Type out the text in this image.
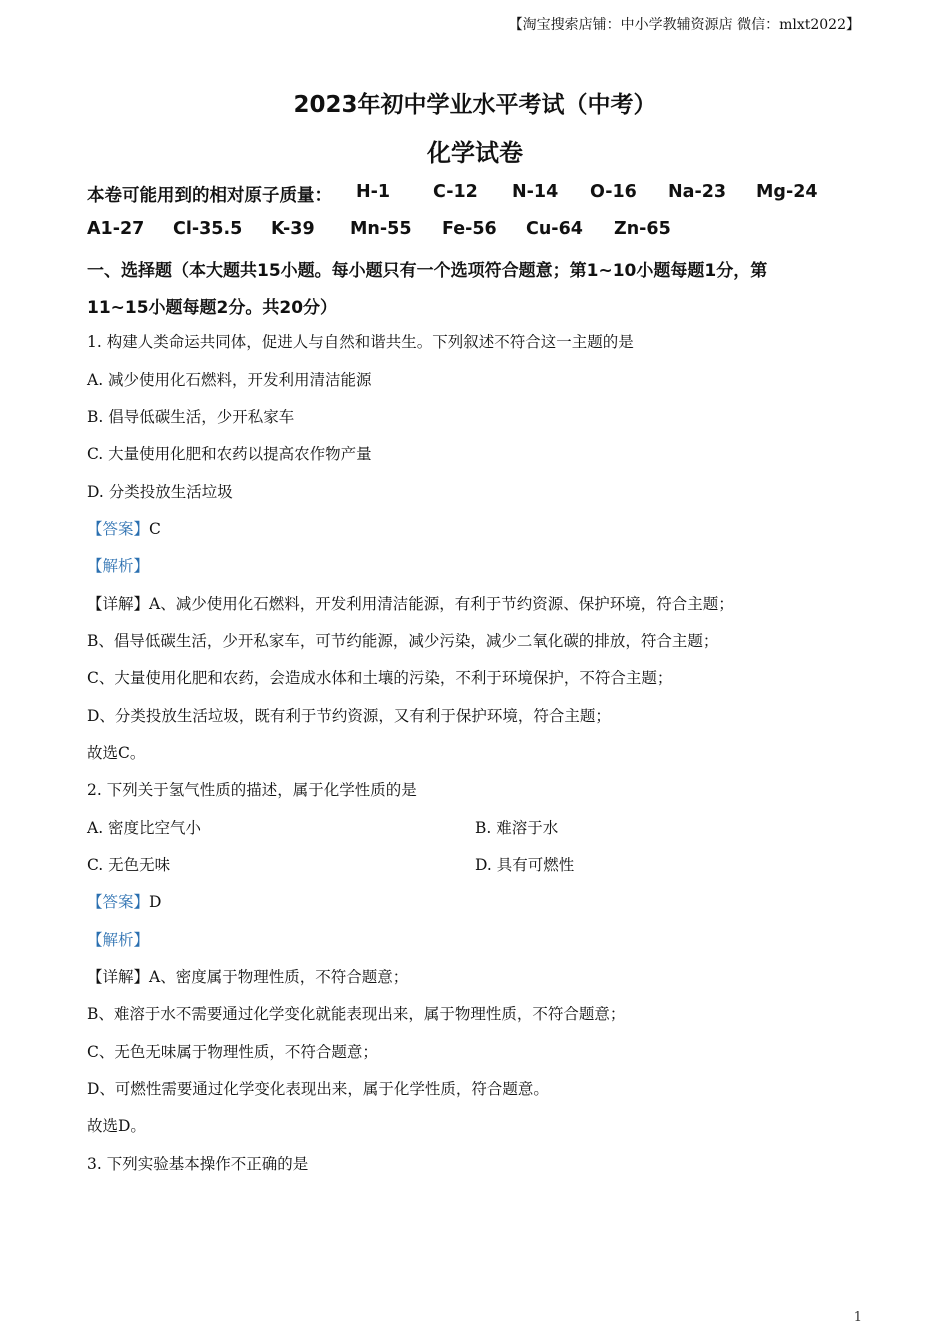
【淘宝搜索店铺：中小学教辅资源店 微信：mlxt2022】
2023年初中学业水平考试（中考）
化学试卷
本卷可能用到的相对原子质量： H-1 C-12 N-14 O-16 Na-23 Mg-24
A1-27 Cl-35.5 K-39 Mn-55 Fe-56 Cu-64 Zn-65
一、选择题（本大题共15小题。每小题只有一个选项符合题意；第1~10小题每题1分，第
11~15小题每题2分。共20分）
1. 构建人类命运共同体，促进人与自然和谐共生。下列叙述不符合这一主题的是
A. 减少使用化石燃料，开发利用清洁能源
B. 倡导低碳生活，少开私家车
C. 大量使用化肥和农药以提高农作物产量
D. 分类投放生活垃圾
【答案】C
【解析】
【详解】A、减少使用化石燃料，开发利用清洁能源，有利于节约资源、保护环境，符合主题；
B、倡导低碳生活，少开私家车，可节约能源，减少污染，减少二氧化碳的排放，符合主题；
C、大量使用化肥和农药，会造成水体和土壤的污染，不利于环境保护，不符合主题；
D、分类投放生活垃圾，既有利于节约资源，又有利于保护环境，符合主题；
故选C。
2. 下列关于氢气性质的描述，属于化学性质的是
A. 密度比空气小	B. 难溶于水
C. 无色无味	D. 具有可燃性
【答案】D
【解析】
【详解】A、密度属于物理性质，不符合题意；
B、难溶于水不需要通过化学变化就能表现出来，属于物理性质，不符合题意；
C、无色无味属于物理性质，不符合题意；
D、可燃性需要通过化学变化表现出来，属于化学性质，符合题意。
故选D。
3. 下列实验基本操作不正确的是
1
